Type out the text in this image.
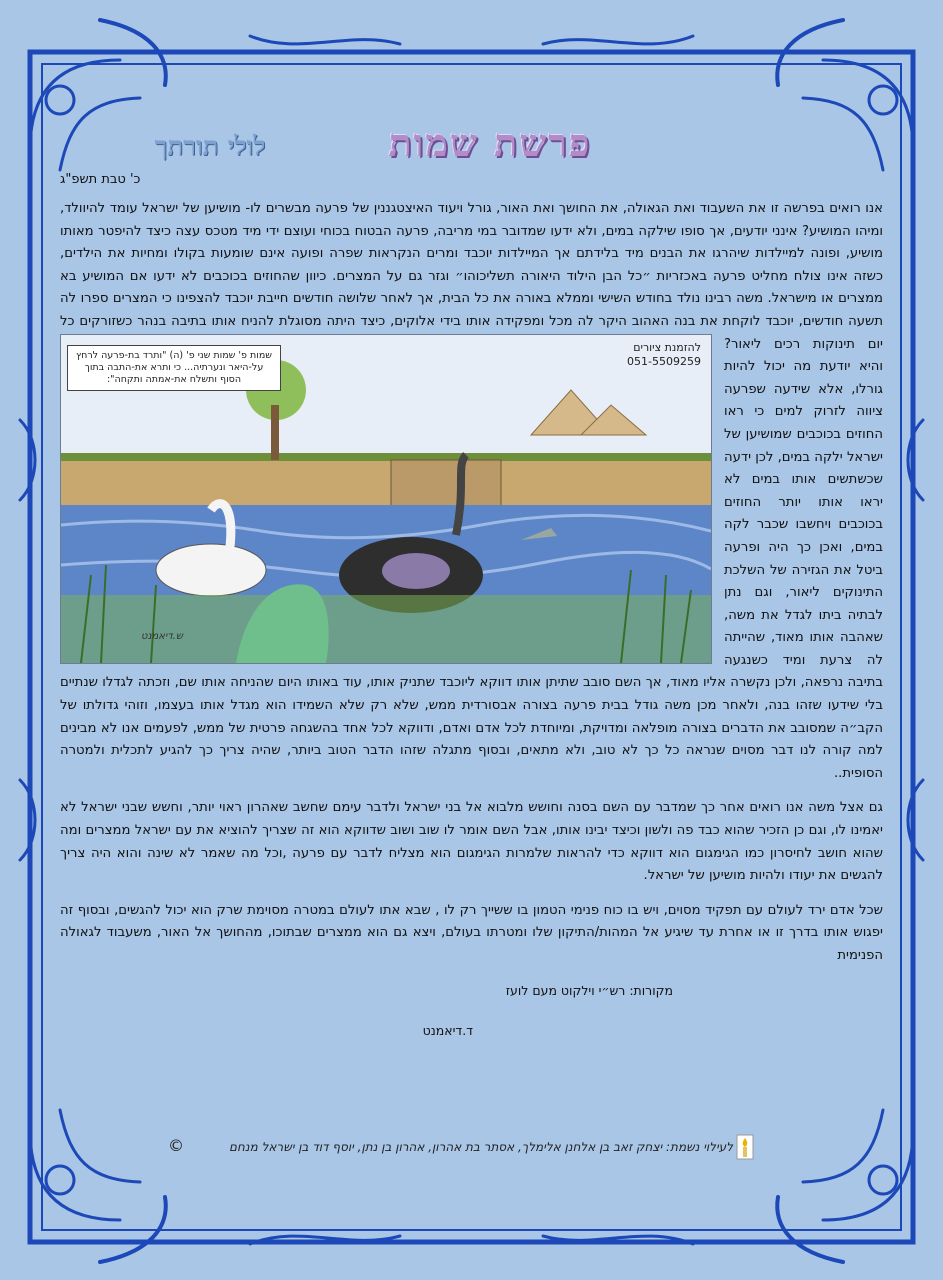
פרשת שמות
לולי תורתך
כ' טבת תשפ"ג

אנו רואים בפרשה זו את השעבוד ואת הגאולה, את החושך ואת האור, גורל ויעוד האיצטגננין של פרעה מבשרים לו- מושיען של ישראל עומד להיוולד, ומיהו המושיע? אינני יודעים, אך סופו שילקה במים, ולא ידעו שמדובר במי מריבה, פרעה הבטוח בכוחי ועוצם ידי מיד מטכס עצה כיצד להיפטר מאותו מושיע, ופונה למיילדות שיהרגו את הבנים מיד בלידתם אך המיילדות יוכבד ומרים הנקראות שפרה ופועה אינם שומעות בקולו ומחיות את הילדים, כשזה אינו צולח מחליט פרעה באכזריות ״כל הבן הילוד היאורה תשליכוהו״ וגזר גם על המצרים. כיוון שהחוזים בכוכבים לא ידעו אם המושיע בא ממצרים או מישראל. משה רבינו נולד בחודש השישי וממלא באורה את כל הבית, אך לאחר שלושה חודשים חייבת יוכבד להצפינו כי המצרים ספרו לה תשעה חודשים, יוכבד לוקחת את בנה
להזמנת ציורים
051-5509259
שמות פ' שמות שני פ' (ה) "ותרד בת-פרעה לרחץ על-היאר ונערתיה... כי ותרא את-התבה בתוך הסוף ותשלח את-אמתה ותקחה":
ש.דיאמנט
האהוב היקר לה מכל ומפקידה אותו בידי אלוקים, כיצד היתה מסוגלת להניח אותו בתיבה בנהר כשזורקים כל יום תינוקות רכים ליאור? והיא יודעת מה יכול להיות גורלו, אלא שידעה שפרעה ציווה לזרוק למים כי ראו החוזים בכוכבים שמושיען של ישראל ילקה במים, לכן ידעה שכשתשים אותו במים לא יראו אותו יותר החוזים בכוכבים ויחשבו שכבר לקה במים, ואכן כך היה ופרעה ביטל את הגזירה של השלכת התינוקים ליאור, וגם נתן לבתיה ביתו לגדל את משה, שאהבה אותו מאוד, שהייתה לה צרעת ומיד כשנגעה בתיבה נרפאה, ולכן נקשרה אליו מאוד, אך השם סובב שתיתן אותו דווקא ליוכבד שתניק אותו, עוד באותו היום שהניחה אותו שם, וזכתה לגדלו שנתיים בלי שידעו שזהו בנה, ולאחר מכן משה גודל בבית פרעה בצורה אבסורדית ממש, שלא רק שלא השמידו הוא מגדל אותו בעצמו, וזוהי גדולתו של הקב״ה שמסובב את הדברים בצורה מופלאה ומדויקת, ומיוחדת לכל אדם ואדם, ודווקא לכל אחד בהשגחה פרטית של ממש, לפעמים אנו לא מבינים למה קורה לנו דבר מסוים שנראה כל כך לא טוב, ולא מתאים, ובסוף מתגלה שזהו הדבר הטוב ביותר, שהיה צריך כך להגיע לתכלית ולמטרה הסופית..

גם אצל משה אנו רואים אחר כך שמדבר עם השם בסנה וחושש מלבוא אל בני ישראל ולדבר עימם שחשב שאהרון ראוי יותר, וחשש שבני ישראל לא יאמינו לו, וגם כן הזכיר שהוא כבד פה ולשון וכיצד יבינו אותו, אבל השם אומר לו שוב ושוב שדווקא הוא זה שצריך להוציא את עם ישראל ממצרים ומה שהוא חושב לחיסרון כמו הגימגום הוא דווקא כדי להראות שלמרות הגימגום הוא מצליח לדבר עם פרעה ,וכל מה שאמר לא שינה והוא היה צריך להגשים את יעודו ולהיות מושיען של ישראל.

שכל אדם ירד לעולם עם תפקיד מסוים, ויש בו כוח פנימי הטמון בו ששייך רק לו , שבא אתו לעולם במטרה מסוימת שרק הוא יכול להגשים, ובסוף זה יפגוש אותו בדרך זו או אחרת עד שיגיע אל המהות/התיקון שלו ומטרתו בעולם, ויצא גם הוא ממצרים שבתוכו, מהחושך אל האור, משעבוד לגאולה הפנימית

מקורות: רש״י וילקוט מעם לועז
ד.דיאמנט
לעילוי נשמת: יצחק זאב בן אלחנן אלימלך, אסתר בת אהרון, אהרון בן נתן, יוסף דוד בן ישראל מנחם
©
